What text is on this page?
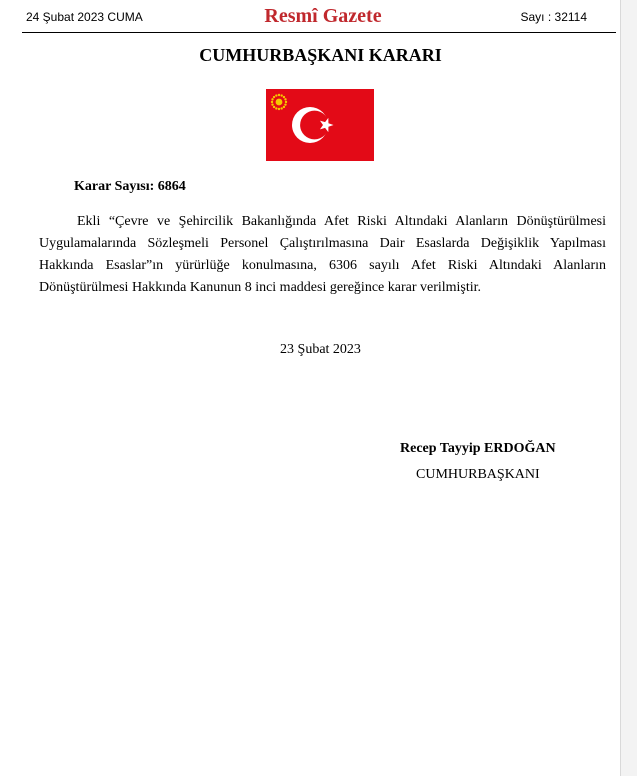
24 Şubat 2023 CUMA	Resmî Gazete	Sayı : 32114
CUMHURBAŞKANI KARARI
Karar Sayısı: 6864
Ekli “Çevre ve Şehircilik Bakanlığında Afet Riski Altındaki Alanların Dönüştürülmesi Uygulamalarında Sözleşmeli Personel Çalıştırılmasına Dair Esaslarda Değişiklik Yapılması Hakkında Esaslar”ın yürürlüğe konulmasına, 6306 sayılı Afet Riski Altındaki Alanların Dönüştürülmesi Hakkında Kanunun 8 inci maddesi gereğince karar verilmiştir.
23 Şubat 2023
Recep Tayyip ERDOĞAN
CUMHURBAŞKANI
